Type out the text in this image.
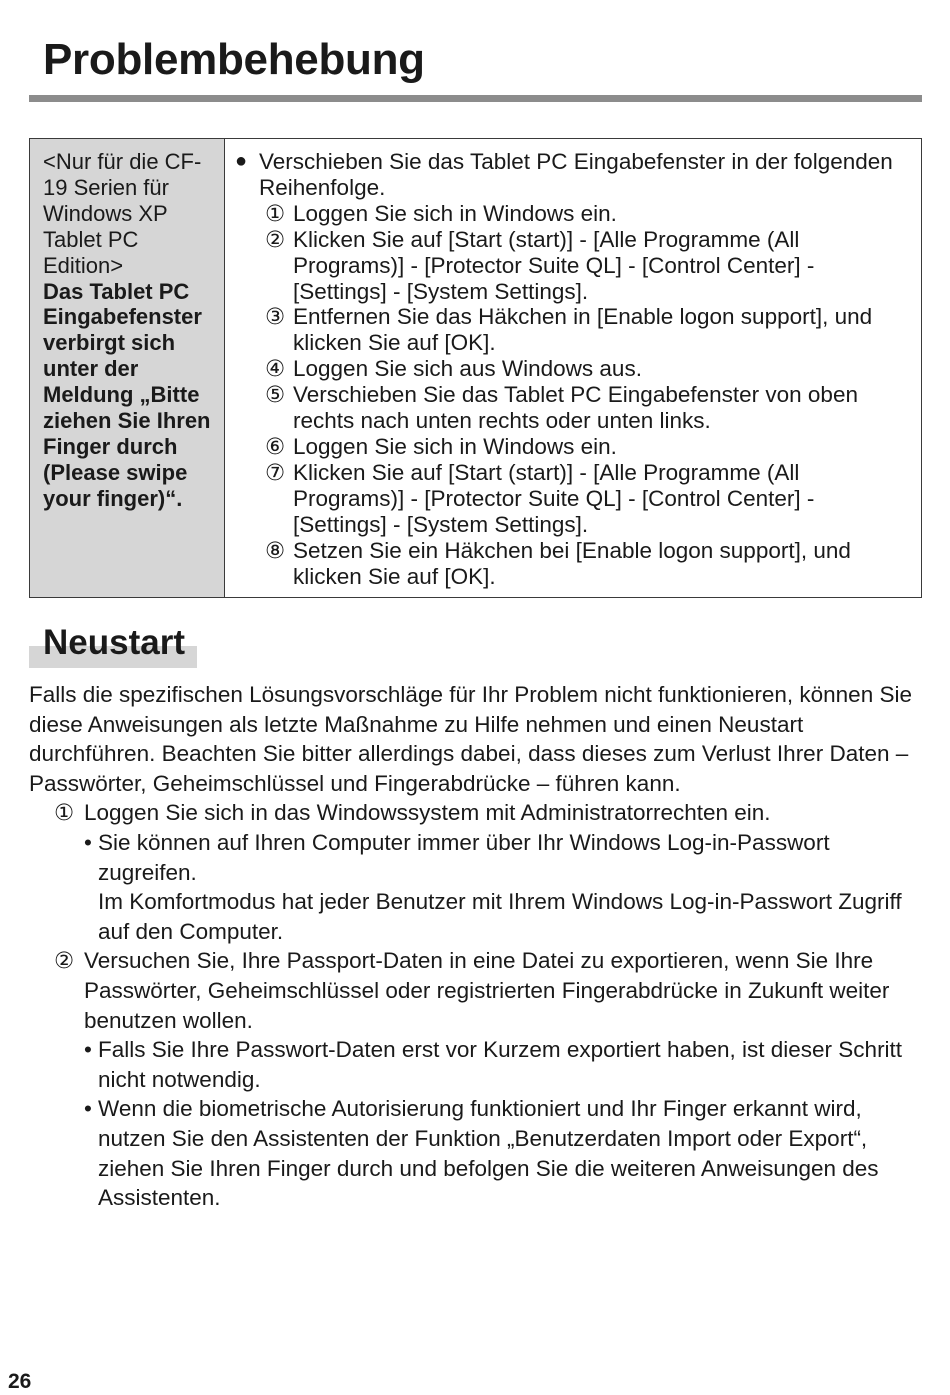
Problembehebung
<Nur für die CF-19 Serien für Windows XP Tablet PC Edition>
Das Tablet PC Eingabefenster verbirgt sich unter der Meldung „Bitte ziehen Sie Ihren Finger durch (Please swipe your finger)“.
● Verschieben Sie das Tablet PC Eingabefenster in der folgenden Reihenfolge.
① Loggen Sie sich in Windows ein.
② Klicken Sie auf [Start (start)] - [Alle Programme (All Programs)] - [Protector Suite QL] - [Control Center] - [Settings] - [System Settings].
③ Entfernen Sie das Häkchen in [Enable logon support], und klicken Sie auf [OK].
④ Loggen Sie sich aus Windows aus.
⑤ Verschieben Sie das Tablet PC Eingabefenster von oben rechts nach unten rechts oder unten links.
⑥ Loggen Sie sich in Windows ein.
⑦ Klicken Sie auf [Start (start)] - [Alle Programme (All Programs)] - [Protector Suite QL] - [Control Center] - [Settings] - [System Settings].
⑧ Setzen Sie ein Häkchen bei [Enable logon support], und klicken Sie auf [OK].
Neustart

Falls die spezifischen Lösungsvorschläge für Ihr Problem nicht funktionieren, können Sie diese Anweisungen als letzte Maßnahme zu Hilfe nehmen und einen Neustart durchführen. Beachten Sie bitter allerdings dabei, dass dieses zum Verlust Ihrer Daten – Passwörter, Geheimschlüssel und Fingerabdrücke – führen kann.

① Loggen Sie sich in das Windowssystem mit Administratorrechten ein.
• Sie können auf Ihren Computer immer über Ihr Windows Log-in-Passwort zugreifen.
Im Komfortmodus hat jeder Benutzer mit Ihrem Windows Log-in-Passwort Zugriff auf den Computer.
② Versuchen Sie, Ihre Passport-Daten in eine Datei zu exportieren, wenn Sie Ihre Passwörter, Geheimschlüssel oder registrierten Fingerabdrücke in Zukunft weiter benutzen wollen.
• Falls Sie Ihre Passwort-Daten erst vor Kurzem exportiert haben, ist dieser Schritt nicht notwendig.
• Wenn die biometrische Autorisierung funktioniert und Ihr Finger erkannt wird, nutzen Sie den Assistenten der Funktion „Benutzerdaten Import oder Export“, ziehen Sie Ihren Finger durch und befolgen Sie die weiteren Anweisungen des Assistenten.
26
